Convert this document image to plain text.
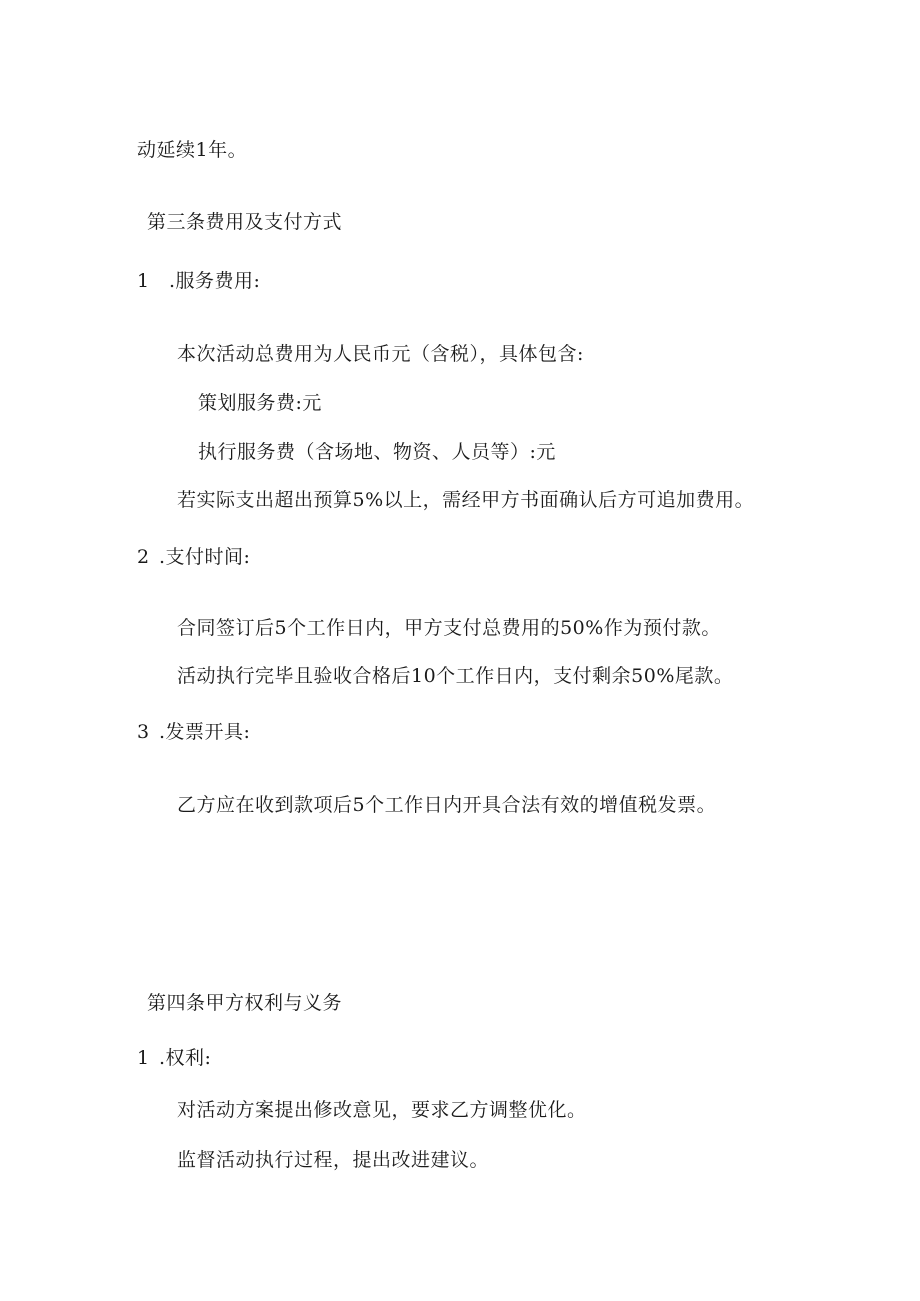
动延续1年。
第三条费用及支付方式
1 .服务费用:
本次活动总费用为人民币元（含税），具体包含:
策划服务费:元
执行服务费（含场地、物资、人员等）:元
若实际支出超出预算5%以上，需经甲方书面确认后方可追加费用。
2 .支付时间:
合同签订后5个工作日内，甲方支付总费用的50%作为预付款。
活动执行完毕且验收合格后10个工作日内，支付剩余50%尾款。
3 .发票开具:
乙方应在收到款项后5个工作日内开具合法有效的增值税发票。
第四条甲方权利与义务
1 .权利:
对活动方案提出修改意见，要求乙方调整优化。
监督活动执行过程，提出改进建议。
